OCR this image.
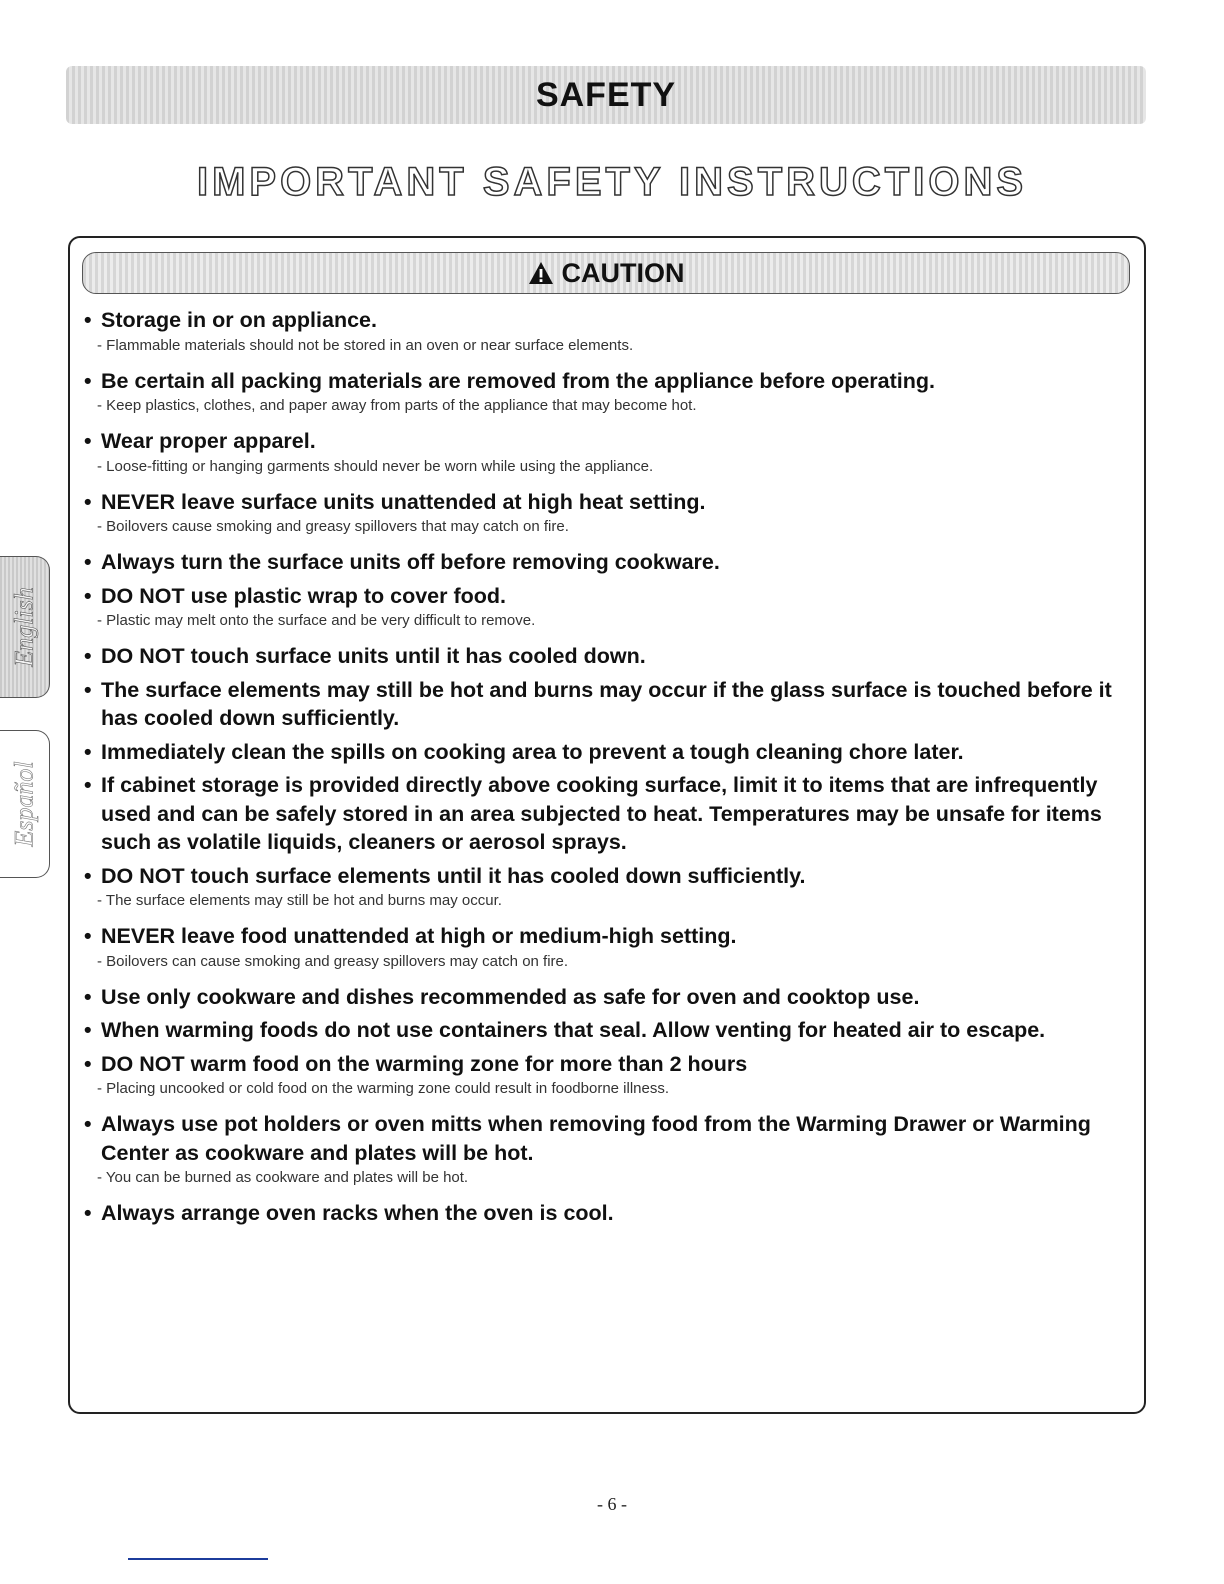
SAFETY
IMPORTANT SAFETY INSTRUCTIONS
English
Español
CAUTION
• Storage in or on appliance.
- Flammable materials should not be stored in an oven or near surface elements.
• Be certain all packing materials are removed from the appliance before operating.
- Keep plastics, clothes, and paper away from parts of the appliance that may become hot.
• Wear proper apparel.
- Loose-fitting or hanging garments should never be worn while using the appliance.
• NEVER leave surface units unattended at high heat setting.
- Boilovers cause smoking and greasy spillovers that may catch on fire.
• Always turn the surface units off before removing cookware.
• DO NOT use plastic wrap to cover food.
- Plastic may melt onto the surface and be very difficult to remove.
• DO NOT touch surface units until it has cooled down.
• The surface elements may still be hot and burns may occur if the glass surface is touched before it has cooled down sufficiently.
• Immediately clean the spills on cooking area to prevent a tough cleaning chore later.
• If cabinet storage is provided directly above cooking surface, limit it to items that are infrequently used and can be safely stored in an area subjected to heat. Temperatures may be unsafe for items such as volatile liquids, cleaners or aerosol sprays.
• DO NOT touch surface elements until it has cooled down sufficiently.
- The surface elements may still be hot and burns may occur.
• NEVER leave food unattended at high or medium-high setting.
- Boilovers can cause smoking and greasy spillovers may catch on fire.
• Use only cookware and dishes recommended as safe for oven and cooktop use.
• When warming foods do not use containers that seal. Allow venting for heated air to escape.
• DO NOT warm food on the warming zone for more than 2 hours
- Placing uncooked or cold food on the warming zone could result in foodborne illness.
• Always use pot holders or oven mitts when removing food from the Warming Drawer or Warming Center as cookware and plates will be hot.
- You can be burned as cookware and plates will be hot.
• Always arrange oven racks when the oven is cool.
- 6 -
